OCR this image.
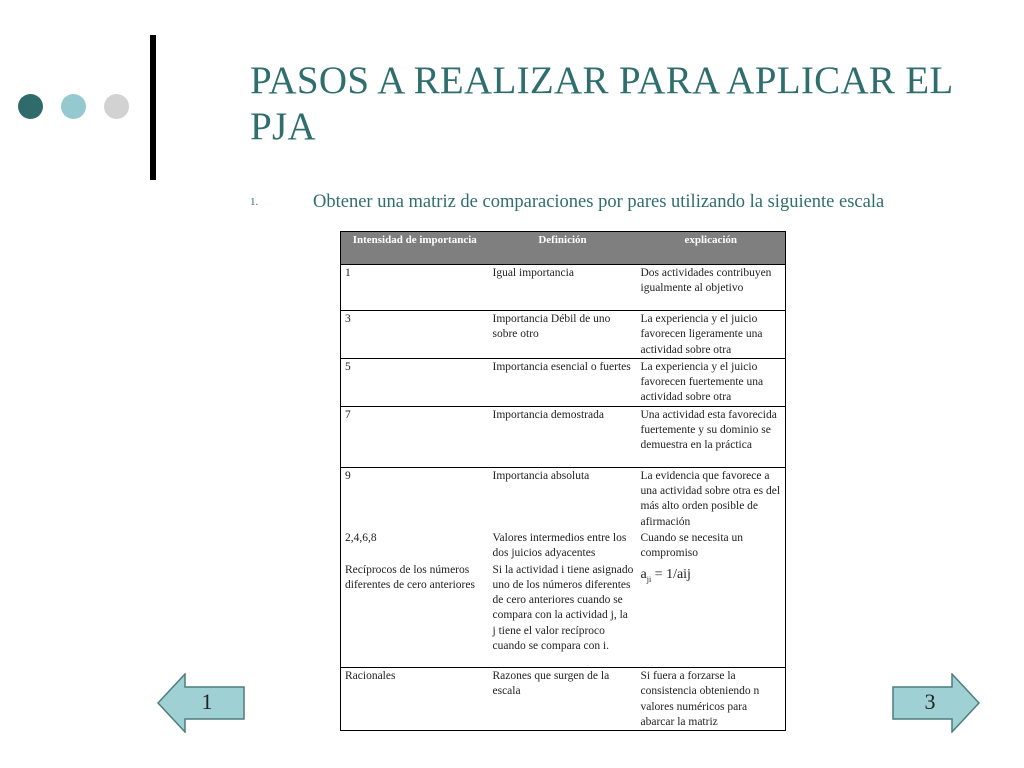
PASOS A REALIZAR PARA APLICAR EL PJA
1.	Obtener una matriz de comparaciones por pares utilizando la siguiente escala
Intensidad de importancia	Definición	explicación
1	Igual importancia	Dos actividades contribuyen igualmente al objetivo
3	Importancia Débil de uno sobre otro	La experiencia y el juicio favorecen ligeramente una actividad sobre otra
5	Importancia esencial o fuertes	La experiencia y el juicio favorecen fuertemente una actividad sobre otra
7	Importancia demostrada	Una actividad esta favorecida fuertemente y su dominio se demuestra en la práctica
9	Importancia absoluta	La evidencia que favorece a una actividad sobre otra es del más alto orden posible de afirmación
2,4,6,8	Valores intermedios entre los dos juicios adyacentes	Cuando se necesita un compromiso
Recíprocos de los números diferentes de cero anteriores	Si la actividad i tiene asignado uno de los números diferentes de cero anteriores cuando se compara con la actividad j, la j tiene el valor recíproco cuando se compara con i.	$a_{ji} = 1/aij$

Racionales	Razones que surgen de la escala	Si fuera a forzarse la consistencia obteniendo n valores numéricos para abarcar la matriz
1	3
